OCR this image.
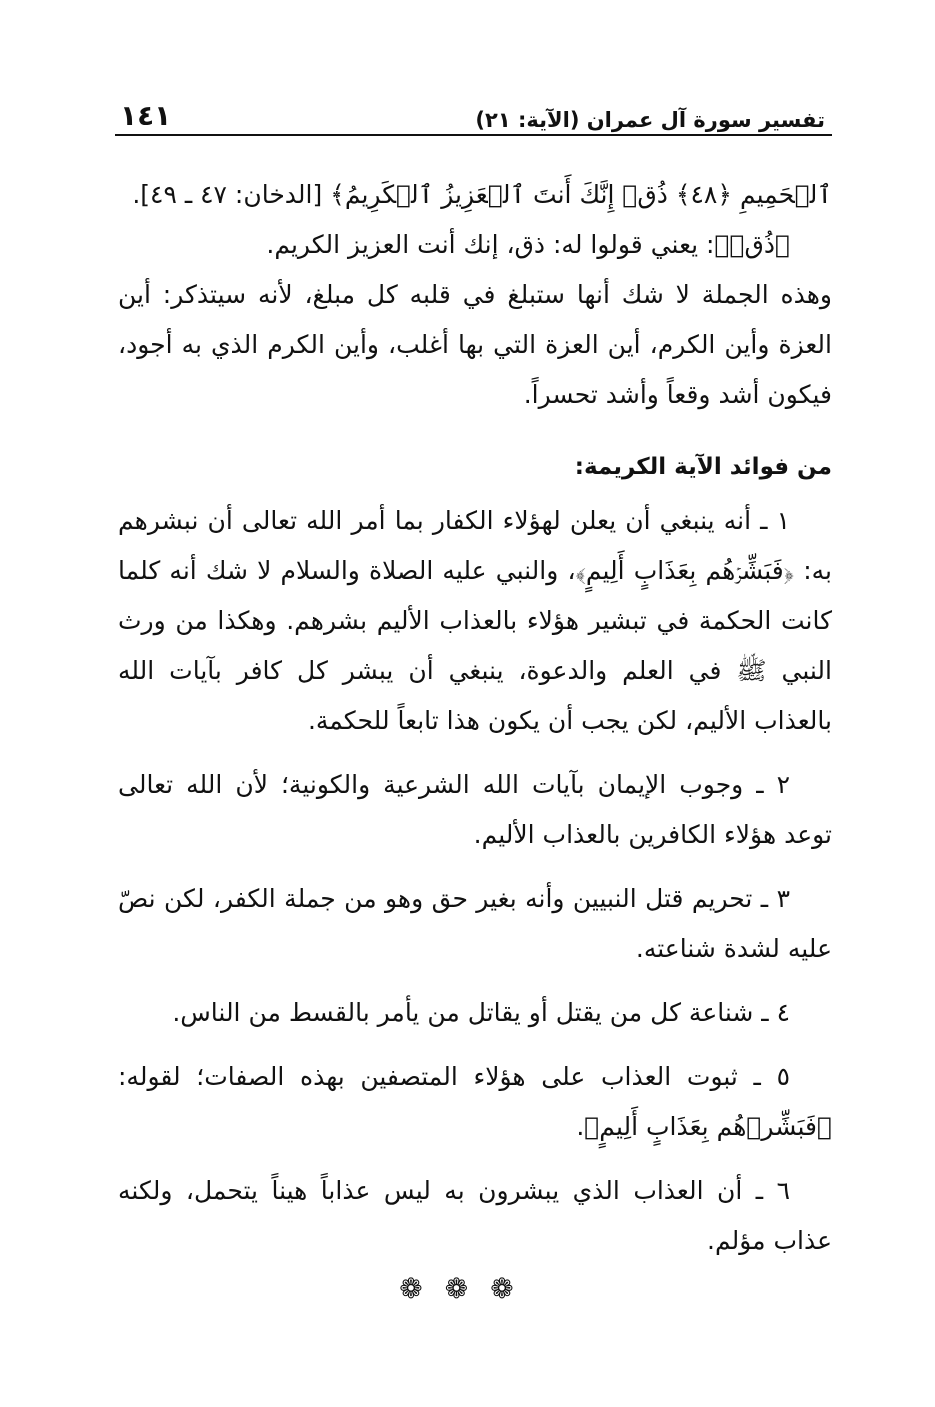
تفسير سورة آل عمران (الآية: ٢١)
١٤١

ٱلۡحَمِيمِ ﴿٤٨﴾ ذُقۡ إِنَّكَ أَنتَ ٱلۡعَزِيزُ ٱلۡكَرِيمُ﴾ [الدخان: ٤٧ ـ ٤٩].

﴿ذُقۡ﴾: يعني قولوا له: ذق، إنك أنت العزيز الكريم.

وهذه الجملة لا شك أنها ستبلغ في قلبه كل مبلغ، لأنه سيتذكر: أين العزة وأين الكرم، أين العزة التي بها أغلب، وأين الكرم الذي به أجود، فيكون أشد وقعاً وأشد تحسراً.

من فوائد الآية الكريمة:

١ ـ أنه ينبغي أن يعلن لهؤلاء الكفار بما أمر الله تعالى أن نبشرهم به: ﴿فَبَشِّرۡهُم بِعَذَابٍ أَلِيمٍ﴾، والنبي عليه الصلاة والسلام لا شك أنه كلما كانت الحكمة في تبشير هؤلاء بالعذاب الأليم بشرهم. وهكذا من ورث النبي ﷺ في العلم والدعوة، ينبغي أن يبشر كل كافر بآيات الله بالعذاب الأليم، لكن يجب أن يكون هذا تابعاً للحكمة.

٢ ـ وجوب الإيمان بآيات الله الشرعية والكونية؛ لأن الله تعالى توعد هؤلاء الكافرين بالعذاب الأليم.

٣ ـ تحريم قتل النبيين وأنه بغير حق وهو من جملة الكفر، لكن نصّ عليه لشدة شناعته.

٤ ـ شناعة كل من يقتل أو يقاتل من يأمر بالقسط من الناس.

٥ ـ ثبوت العذاب على هؤلاء المتصفين بهذه الصفات؛ لقوله: ﴿فَبَشِّرۡهُم بِعَذَابٍ أَلِيمٍ﴾.

٦ ـ أن العذاب الذي يبشرون به ليس عذاباً هيناً يتحمل، ولكنه عذاب مؤلم.

❁❁❁
